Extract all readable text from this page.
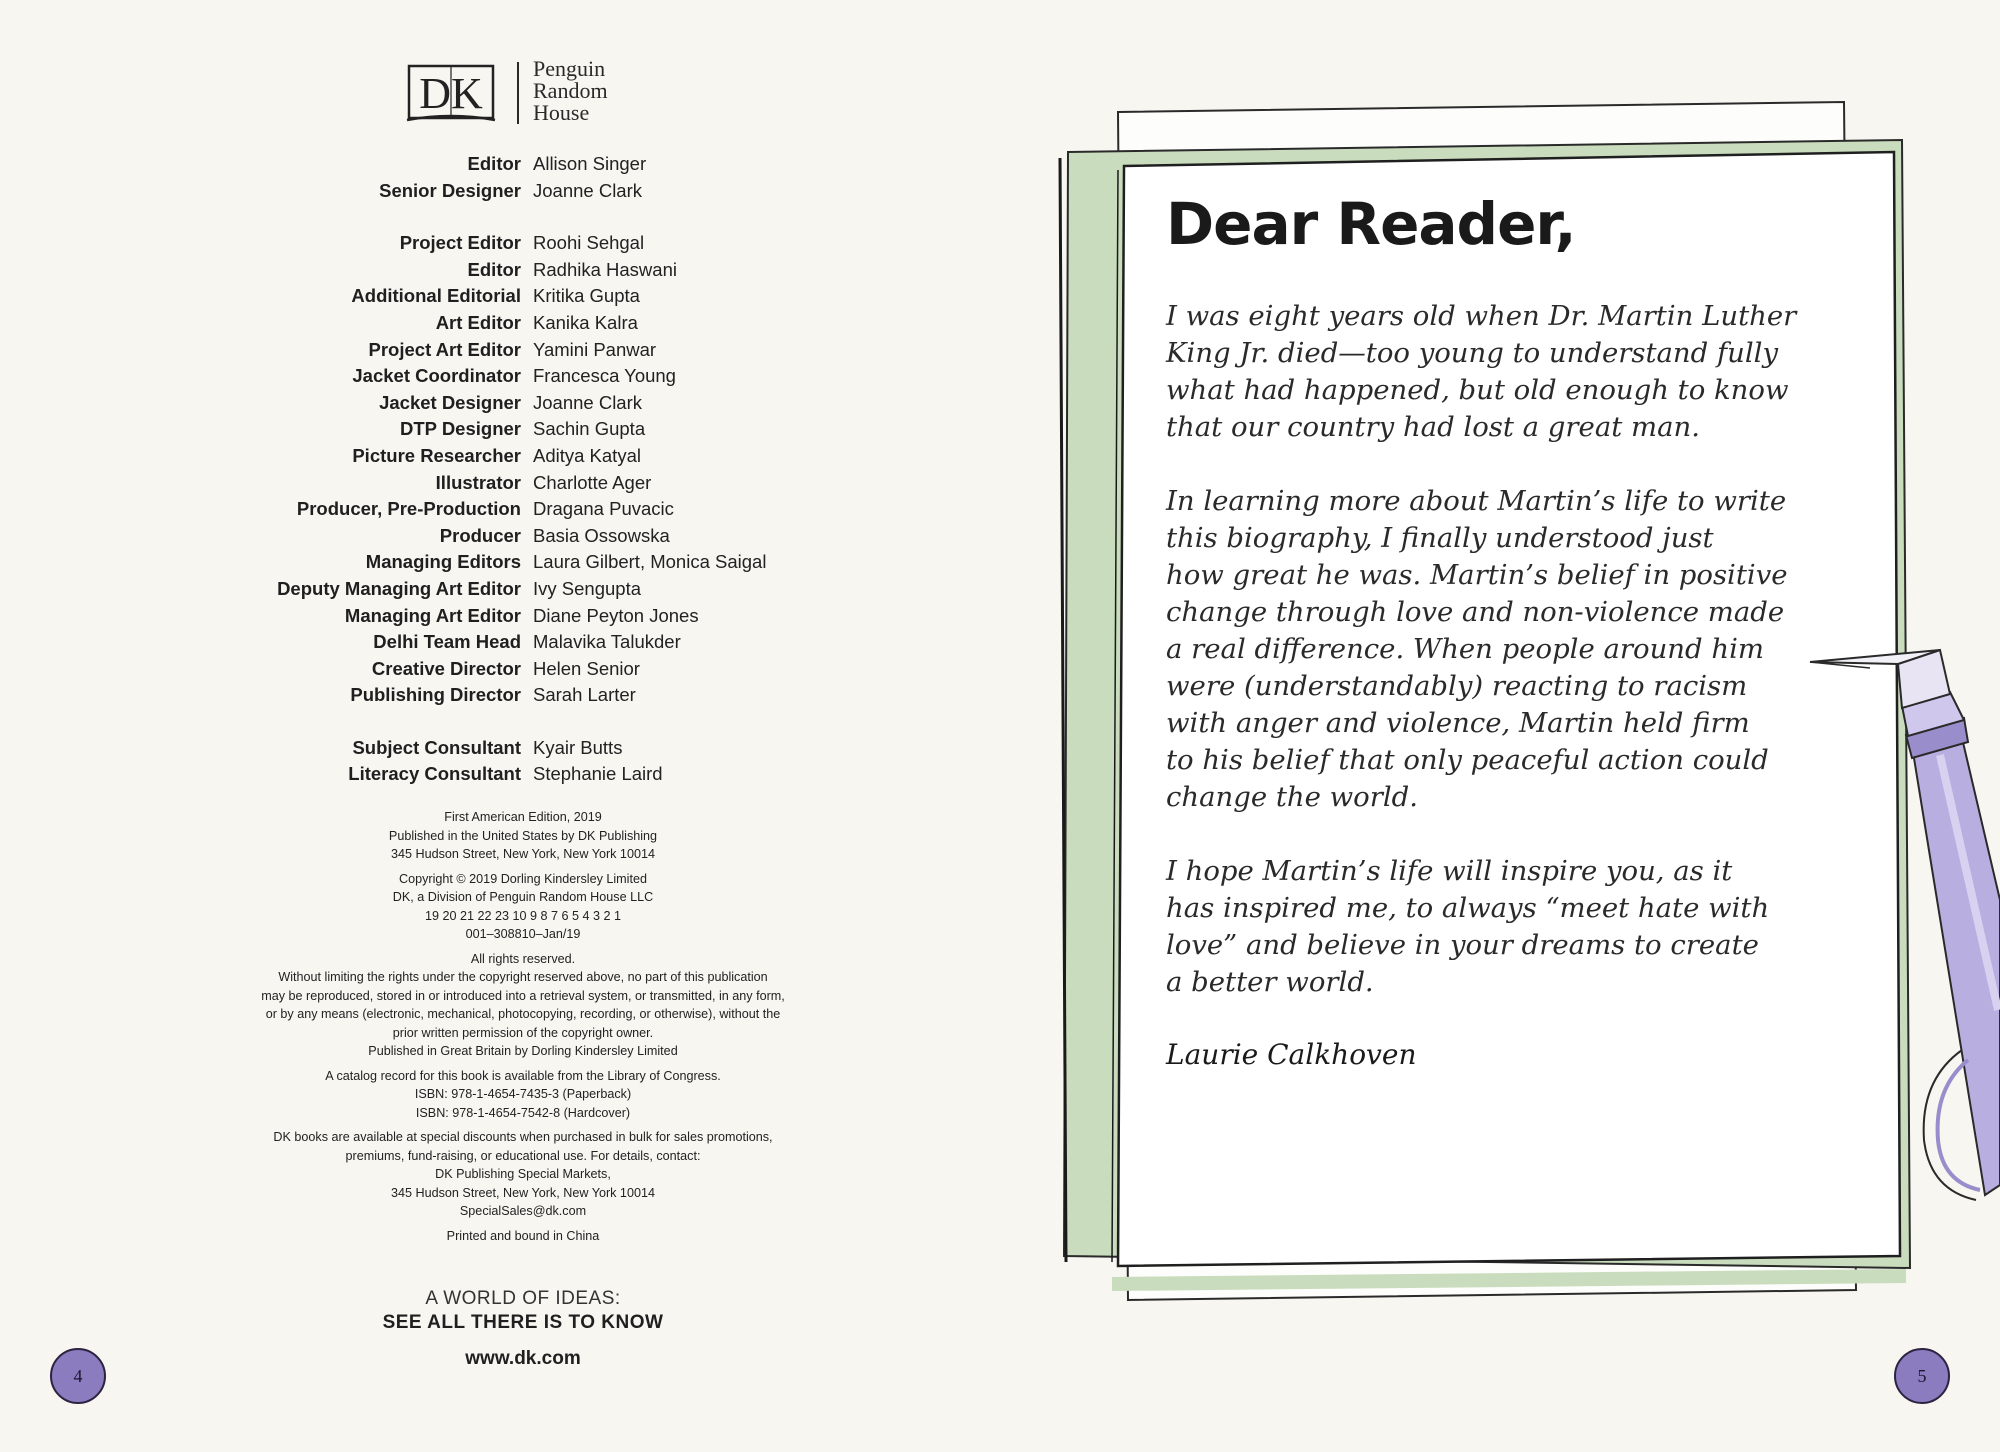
DK
Penguin
Random
House
Editor Allison Singer
Senior Designer Joanne Clark
Project Editor Roohi Sehgal
Editor Radhika Haswani
Additional Editorial Kritika Gupta
Art Editor Kanika Kalra
Project Art Editor Yamini Panwar
Jacket Coordinator Francesca Young
Jacket Designer Joanne Clark
DTP Designer Sachin Gupta
Picture Researcher Aditya Katyal
Illustrator Charlotte Ager
Producer, Pre-Production Dragana Puvacic
Producer Basia Ossowska
Managing Editors Laura Gilbert, Monica Saigal
Deputy Managing Art Editor Ivy Sengupta
Managing Art Editor Diane Peyton Jones
Delhi Team Head Malavika Talukder
Creative Director Helen Senior
Publishing Director Sarah Larter
Subject Consultant Kyair Butts
Literacy Consultant Stephanie Laird

First American Edition, 2019
Published in the United States by DK Publishing
345 Hudson Street, New York, New York 10014

Copyright © 2019 Dorling Kindersley Limited
DK, a Division of Penguin Random House LLC
19 20 21 22 23 10 9 8 7 6 5 4 3 2 1
001–308810–Jan/19

All rights reserved.
Without limiting the rights under the copyright reserved above, no part of this publication
may be reproduced, stored in or introduced into a retrieval system, or transmitted, in any form,
or by any means (electronic, mechanical, photocopying, recording, or otherwise), without the
prior written permission of the copyright owner.
Published in Great Britain by Dorling Kindersley Limited

A catalog record for this book is available from the Library of Congress.
ISBN: 978-1-4654-7435-3 (Paperback)
ISBN: 978-1-4654-7542-8 (Hardcover)

DK books are available at special discounts when purchased in bulk for sales promotions,
premiums, fund-raising, or educational use. For details, contact:
DK Publishing Special Markets,
345 Hudson Street, New York, New York 10014
SpecialSales@dk.com

Printed and bound in China

A WORLD OF IDEAS:
SEE ALL THERE IS TO KNOW
www.dk.com
4
Dear Reader,

I was eight years old when Dr. Martin Luther
King Jr. died—too young to understand fully
what had happened, but old enough to know
that our country had lost a great man.

In learning more about Martin’s life to write
this biography, I finally understood just
how great he was. Martin’s belief in positive
change through love and non-violence made
a real difference. When people around him
were (understandably) reacting to racism
with anger and violence, Martin held firm
to his belief that only peaceful action could
change the world.

I hope Martin’s life will inspire you, as it
has inspired me, to always “meet hate with
love” and believe in your dreams to create
a better world.

Laurie Calkhoven
5
